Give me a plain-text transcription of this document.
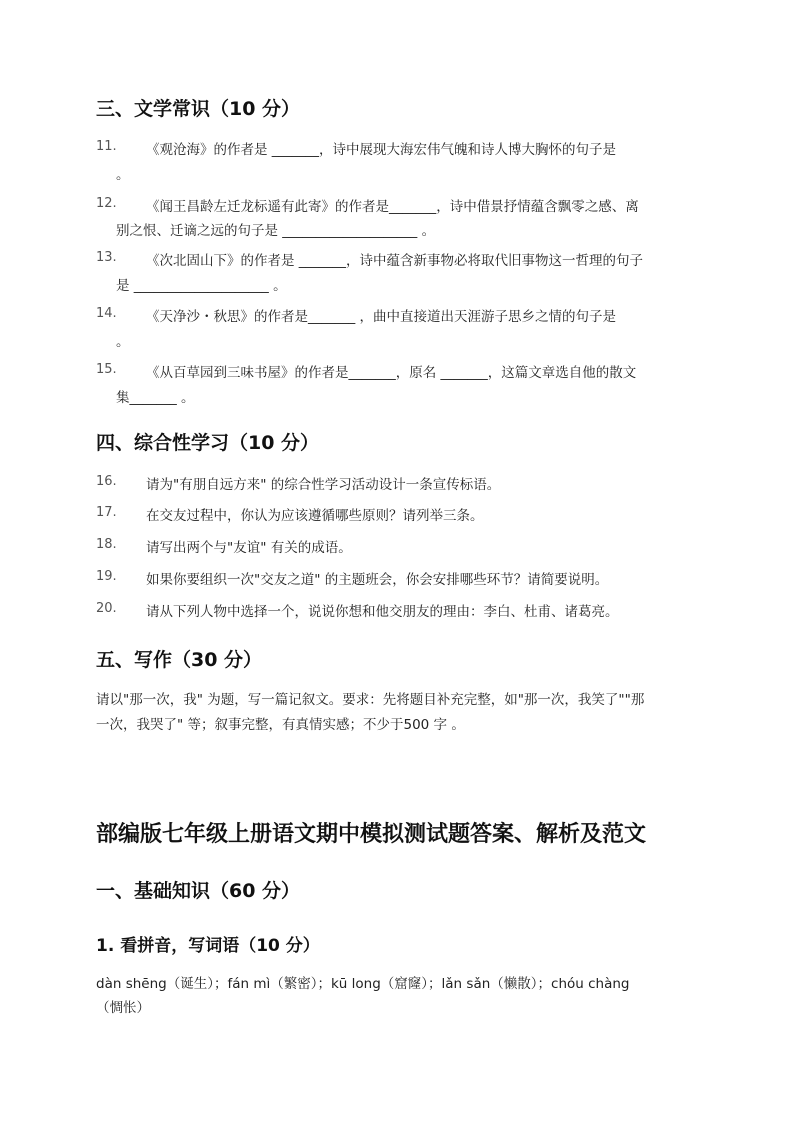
三、文学常识（10 分）
11. 《观沧海》的作者是 _______，诗中展现大海宏伟气魄和诗人博大胸怀的句子是
。
12. 《闻王昌龄左迁龙标遥有此寄》的作者是_______，诗中借景抒情蕴含飘零之感、离
别之恨、迁谪之远的句子是 ____________________ 。
13. 《次北固山下》的作者是 _______，诗中蕴含新事物必将取代旧事物这一哲理的句子
是 ____________________ 。
14. 《天净沙・秋思》的作者是_______ ，曲中直接道出天涯游子思乡之情的句子是
。
15. 《从百草园到三味书屋》的作者是_______，原名 _______，这篇文章选自他的散文
集_______ 。
四、综合性学习（10 分）
16. 请为"有朋自远方来" 的综合性学习活动设计一条宣传标语。
17. 在交友过程中，你认为应该遵循哪些原则？请列举三条。
18. 请写出两个与"友谊" 有关的成语。
19. 如果你要组织一次"交友之道" 的主题班会，你会安排哪些环节？请简要说明。
20. 请从下列人物中选择一个，说说你想和他交朋友的理由：李白、杜甫、诸葛亮。
五、写作（30 分）
请以"那一次，我" 为题，写一篇记叙文。要求：先将题目补充完整，如"那一次，我笑了""那
一次，我哭了" 等；叙事完整，有真情实感；不少于500 字 。
部编版七年级上册语文期中模拟测试题答案、解析及范文
一、基础知识（60 分）
1. 看拼音，写词语（10 分）
dàn shēng（诞生）；fán mì（繁密）；kū long（窟窿）；lǎn sǎn（懒散）；chóu chàng
（惆怅）
